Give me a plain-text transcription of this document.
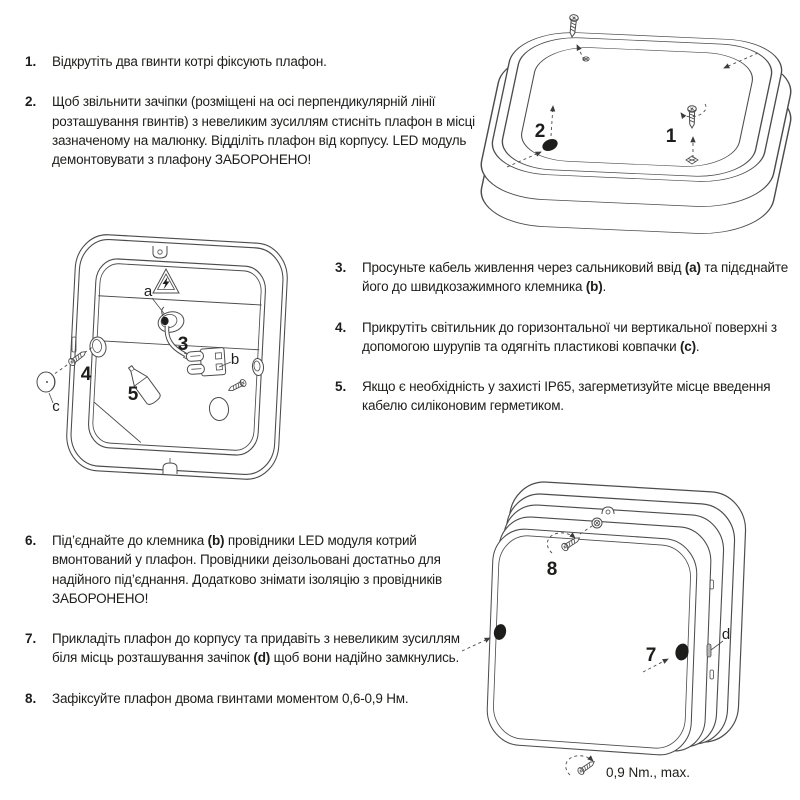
1.	Відкрутіть два гвинти котрі фіксують плафон.
2.	Щоб звільнити зачіпки (розміщені на осі перпендикулярній лінії розташування гвинтів) з невеликим зусиллям стисніть плафон в місці зазначеному на малюнку. Відділіть плафон від корпусу. LED модуль демонтовувати з плафону ЗАБОРОНЕНО!
3.	Просуньте кабель живлення через сальниковий ввід (a) та підєднайте його до швидкозажимного клемника (b).
4.	Прикрутіть світильник до горизонтальної чи вертикальної поверхні з допомогою шурупів та одягніть пластикові ковпачки (c).
5.	Якщо є необхідність у захисті IP65, загерметизуйте місце введення кабелю силіконовим герметиком.
6.	Під’єднайте до клемника (b) провідники LED модуля котрий вмонтований у плафон. Провідники деізольовані достатньо для надійного під’єднання. Додатково знімати ізоляцію з провідників ЗАБОРОНЕНО!
7.	Прикладіть плафон до корпусу та придавіть з невеликим зусиллям біля місць розташування зачіпок (d) щоб вони надійно замкнулись.
8.	Зафіксуйте плафон двома гвинтами моментом 0,6-0,9 Нм.
2	1
a
3
b
4
c
5
8
7
d
0,9 Nm., max.
